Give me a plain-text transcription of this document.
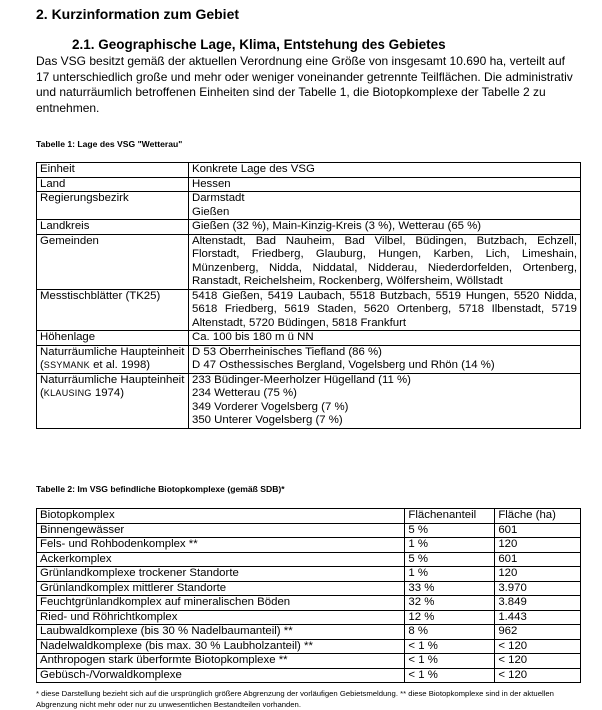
2. Kurzinformation zum Gebiet
2.1. Geographische Lage, Klima, Entstehung des Gebietes
Das VSG besitzt gemäß der aktuellen Verordnung eine Größe von insgesamt 10.690 ha, verteilt auf 17 unterschiedlich große und mehr oder weniger voneinander getrennte Teilflächen. Die administrativ und naturräumlich betroffenen Einheiten sind der Tabelle 1, die Biotopkomplexe der Tabelle 2 zu entnehmen.
Tabelle 1: Lage des VSG "Wetterau"
Einheit	Konkrete Lage des VSG
Land	Hessen
Regierungsbezirk	Darmstadt
Gießen
Landkreis	Gießen (32 %), Main-Kinzig-Kreis (3 %), Wetterau (65 %)
Gemeinden	Altenstadt, Bad Nauheim, Bad Vilbel, Büdingen, Butzbach, Echzell, Florstadt, Friedberg, Glauburg, Hungen, Karben, Lich, Limeshain, Münzenberg, Nidda, Niddatal, Nidderau, Niederdorfelden, Ortenberg, Ranstadt, Reichelsheim, Rockenberg, Wölfersheim, Wöllstadt
Messtischblätter (TK25)	5418 Gießen, 5419 Laubach, 5518 Butzbach, 5519 Hungen, 5520 Nidda, 5618 Friedberg, 5619 Staden, 5620 Ortenberg, 5718 Ilbenstadt, 5719 Altenstadt, 5720 Büdingen, 5818 Frankfurt
Höhenlage	Ca. 100 bis 180 m ü NN
Naturräumliche Haupteinheit
(SSYMANK et al. 1998)	D 53 Oberrheinisches Tiefland (86 %)
D 47 Osthessisches Bergland, Vogelsberg und Rhön (14 %)
Naturräumliche Haupteinheit
(KLAUSING 1974)	233 Büdinger-Meerholzer Hügelland (11 %)
234 Wetterau (75 %)
349 Vorderer Vogelsberg (7 %)
350 Unterer Vogelsberg (7 %)
Tabelle 2: Im VSG befindliche Biotopkomplexe (gemäß SDB)*
Biotopkomplex	Flächenanteil	Fläche (ha)
Binnengewässer	5 %	601
Fels- und Rohbodenkomplex **	1 %	120
Ackerkomplex	5 %	601
Grünlandkomplexe trockener Standorte	1 %	120
Grünlandkomplex mittlerer Standorte	33 %	3.970
Feuchtgrünlandkomplex auf mineralischen Böden	32 %	3.849
Ried- und Röhrichtkomplex	12 %	1.443
Laubwaldkomplexe (bis 30 % Nadelbaumanteil) **	8 %	962
Nadelwaldkomplexe (bis max. 30 % Laubholzanteil) **	< 1 %	< 120
Anthropogen stark überformte Biotopkomplexe **	< 1 %	< 120
Gebüsch-/Vorwaldkomplexe	< 1 %	< 120
* diese Darstellung bezieht sich auf die ursprünglich größere Abgrenzung der vorläufigen Gebietsmeldung. ** diese Biotopkomplexe sind in der aktuellen Abgrenzung nicht mehr oder nur zu unwesentlichen Bestandteilen vorhanden.
